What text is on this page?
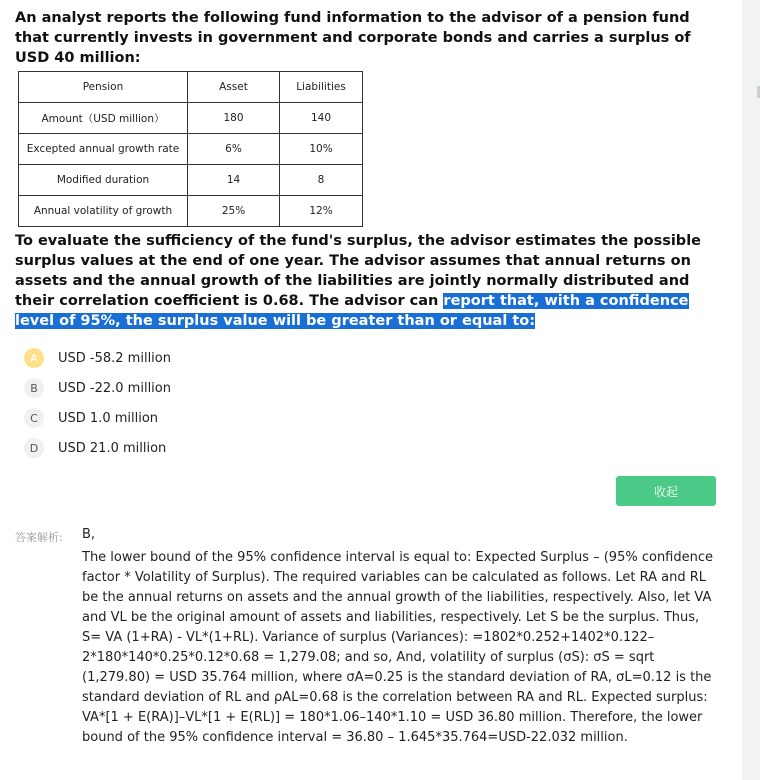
An analyst reports the following fund information to the advisor of a pension fund that currently invests in government and corporate bonds and carries a surplus of USD 40 million:
Pension	Asset	Liabilities
Amount（USD million）	180	140
Excepted annual growth rate	6%	10%
Modified duration	14	8
Annual volatility of growth	25%	12%
To evaluate the sufficiency of the fund's surplus, the advisor estimates the possible surplus values at the end of one year. The advisor assumes that annual returns on assets and the annual growth of the liabilities are jointly normally distributed and their correlation coefficient is 0.68. The advisor can report that, with a confidence level of 95%, the surplus value will be greater than or equal to:
A	USD -58.2 million
B	USD -22.0 million
C	USD 1.0 million
D	USD 21.0 million
收起
答案解析: B,
The lower bound of the 95% confidence interval is equal to: Expected Surplus – (95% confidence factor * Volatility of Surplus). The required variables can be calculated as follows. Let RA and RL be the annual returns on assets and the annual growth of the liabilities, respectively. Also, let VA and VL be the original amount of assets and liabilities, respectively. Let S be the surplus. Thus, S= VA (1+RA) - VL*(1+RL). Variance of surplus (Variances): =1802*0.252+1402*0.122–2*180*140*0.25*0.12*0.68 = 1,279.08; and so, And, volatility of surplus (σS): σS = sqrt (1,279.80) = USD 35.764 million, where σA=0.25 is the standard deviation of RA, σL=0.12 is the standard deviation of RL and ρAL=0.68 is the correlation between RA and RL. Expected surplus: VA*[1 + E(RA)]–VL*[1 + E(RL)] = 180*1.06–140*1.10 = USD 36.80 million. Therefore, the lower bound of the 95% confidence interval = 36.80 – 1.645*35.764=USD-22.032 million.
